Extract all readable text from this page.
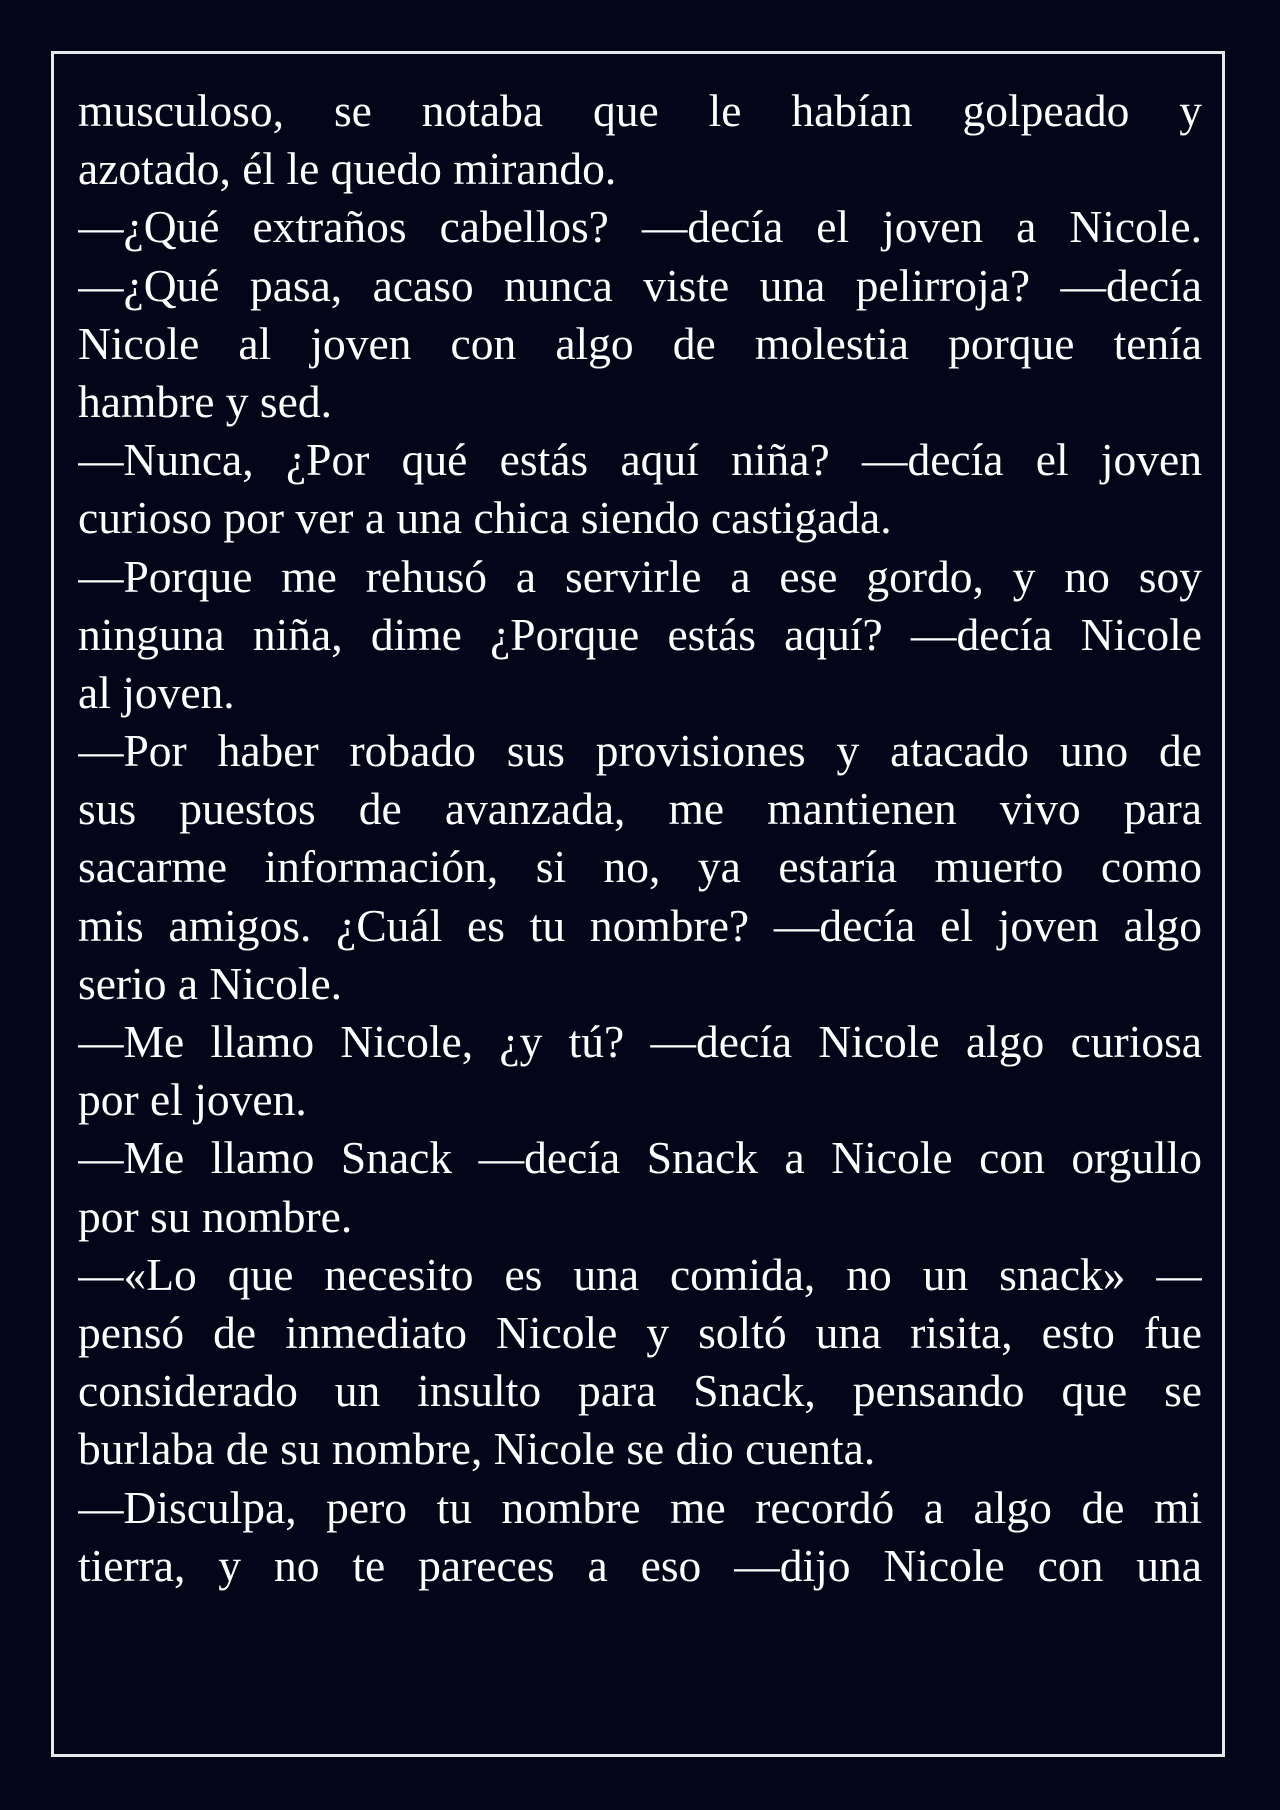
musculoso, se notaba que le habían golpeado y
azotado, él le quedo mirando.
—¿Qué extraños cabellos? —decía el joven a Nicole.
—¿Qué pasa, acaso nunca viste una pelirroja? —decía
Nicole al joven con algo de molestia porque tenía
hambre y sed.
—Nunca, ¿Por qué estás aquí niña? —decía el joven
curioso por ver a una chica siendo castigada.
—Porque me rehusó a servirle a ese gordo, y no soy
ninguna niña, dime ¿Porque estás aquí? —decía Nicole
al joven.
—Por haber robado sus provisiones y atacado uno de
sus puestos de avanzada, me mantienen vivo para
sacarme información, si no, ya estaría muerto como
mis amigos. ¿Cuál es tu nombre? —decía el joven algo
serio a Nicole.
—Me llamo Nicole, ¿y tú? —decía Nicole algo curiosa
por el joven.
—Me llamo Snack —decía Snack a Nicole con orgullo
por su nombre.
—«Lo que necesito es una comida, no un snack» —
pensó de inmediato Nicole y soltó una risita, esto fue
considerado un insulto para Snack, pensando que se
burlaba de su nombre, Nicole se dio cuenta.
—Disculpa, pero tu nombre me recordó a algo de mi
tierra, y no te pareces a eso —dijo Nicole con una
